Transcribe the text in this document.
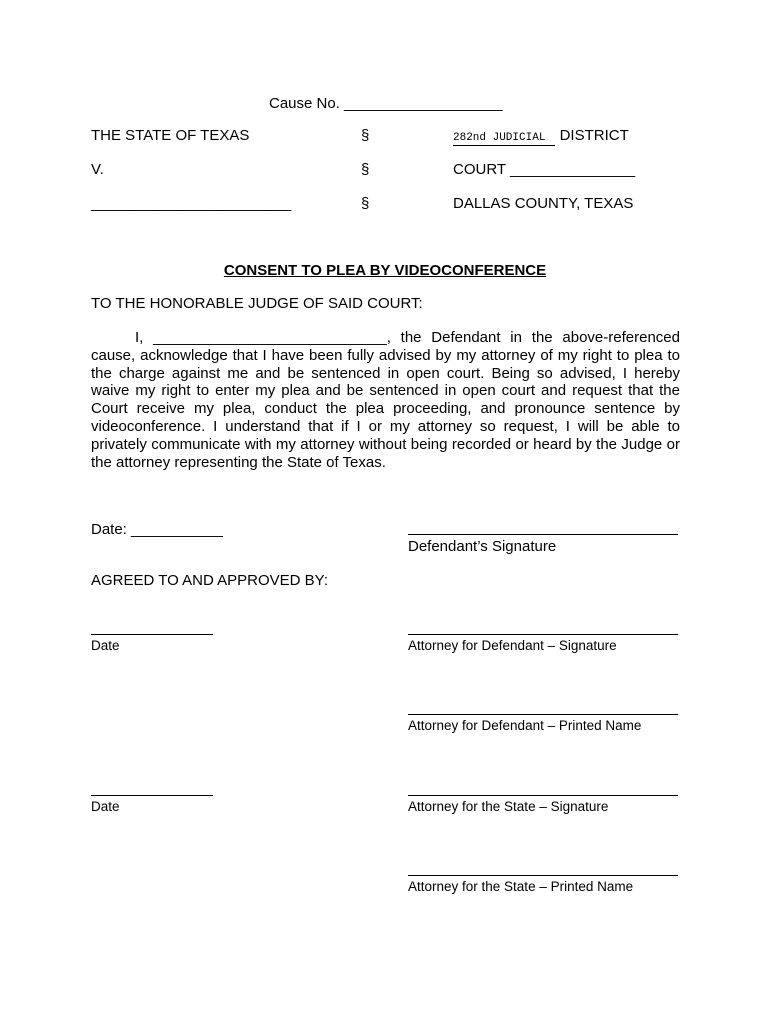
Cause No. ___________________
THE STATE OF TEXAS	§	282nd JUDICIAL DISTRICT
V.	§	COURT _______________
________________________	§	DALLAS COUNTY, TEXAS
CONSENT TO PLEA BY VIDEOCONFERENCE
TO THE HONORABLE JUDGE OF SAID COURT:
I, ____________________________, the Defendant in the above-referenced cause, acknowledge that I have been fully advised by my attorney of my right to plea to the charge against me and be sentenced in open court. Being so advised, I hereby waive my right to enter my plea and be sentenced in open court and request that the Court receive my plea, conduct the plea proceeding, and pronounce sentence by videoconference. I understand that if I or my attorney so request, I will be able to privately communicate with my attorney without being recorded or heard by the Judge or the attorney representing the State of Texas.
Date: ___________
Defendant’s Signature
AGREED TO AND APPROVED BY:
Date	Attorney for Defendant – Signature
Attorney for Defendant – Printed Name
Date	Attorney for the State – Signature
Attorney for the State – Printed Name
